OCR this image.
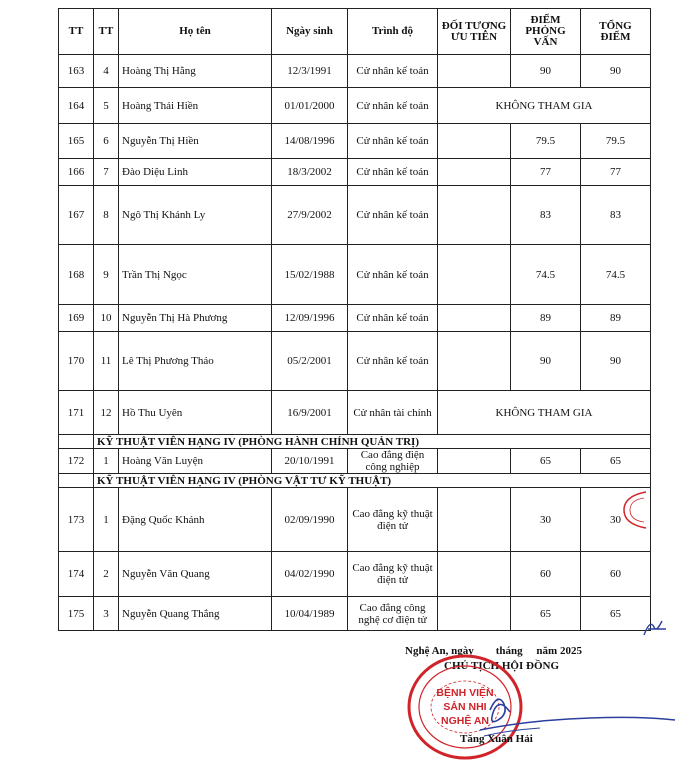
TT	TT	Họ tên	Ngày sinh	Trình độ	ĐỐI TƯỢNG ƯU TIÊN	ĐIỂM PHỎNG VẤN	TỔNG ĐIỂM
163	4	Hoàng Thị Hằng	12/3/1991	Cử nhân kế toán		90	90
164	5	Hoàng Thái Hiền	01/01/2000	Cử nhân kế toán	KHÔNG THAM GIA		
165	6	Nguyễn Thị Hiền	14/08/1996	Cử nhân kế toán		79.5	79.5
166	7	Đào Diệu Linh	18/3/2002	Cử nhân kế toán		77	77
167	8	Ngô Thị Khánh Ly	27/9/2002	Cử nhân kế toán		83	83
168	9	Trần Thị Ngọc	15/02/1988	Cử nhân kế toán		74.5	74.5
169	10	Nguyễn Thị Hà Phương	12/09/1996	Cử nhân kế toán		89	89
170	11	Lê Thị Phương Thảo	05/2/2001	Cử nhân kế toán		90	90
171	12	Hồ Thu Uyên	16/9/2001	Cử nhân tài chính	KHÔNG THAM GIA		
	KỸ THUẬT VIÊN HẠNG IV (PHÒNG HÀNH CHÍNH QUẢN TRỊ)						
172	1	Hoàng Văn Luyện	20/10/1991	Cao đẳng điện công nghiệp		65	65
	KỸ THUẬT VIÊN HẠNG IV (PHÒNG VẬT TƯ KỸ THUẬT)						
173	1	Đặng Quốc Khánh	02/09/1990	Cao đẳng kỹ thuật điện tử		30	30
174	2	Nguyễn Văn Quang	04/02/1990	Cao đẳng kỹ thuật điện tử		60	60
175	3	Nguyễn Quang Thắng	10/04/1989	Cao đẳng công nghệ cơ điện tử		65	65
Nghệ An, ngày        tháng     năm 2025
CHỦ TỊCH HỘI ĐỒNG
BỆNH VIỆN
SẢN NHI
NGHỆ AN
Tăng Xuân Hải
